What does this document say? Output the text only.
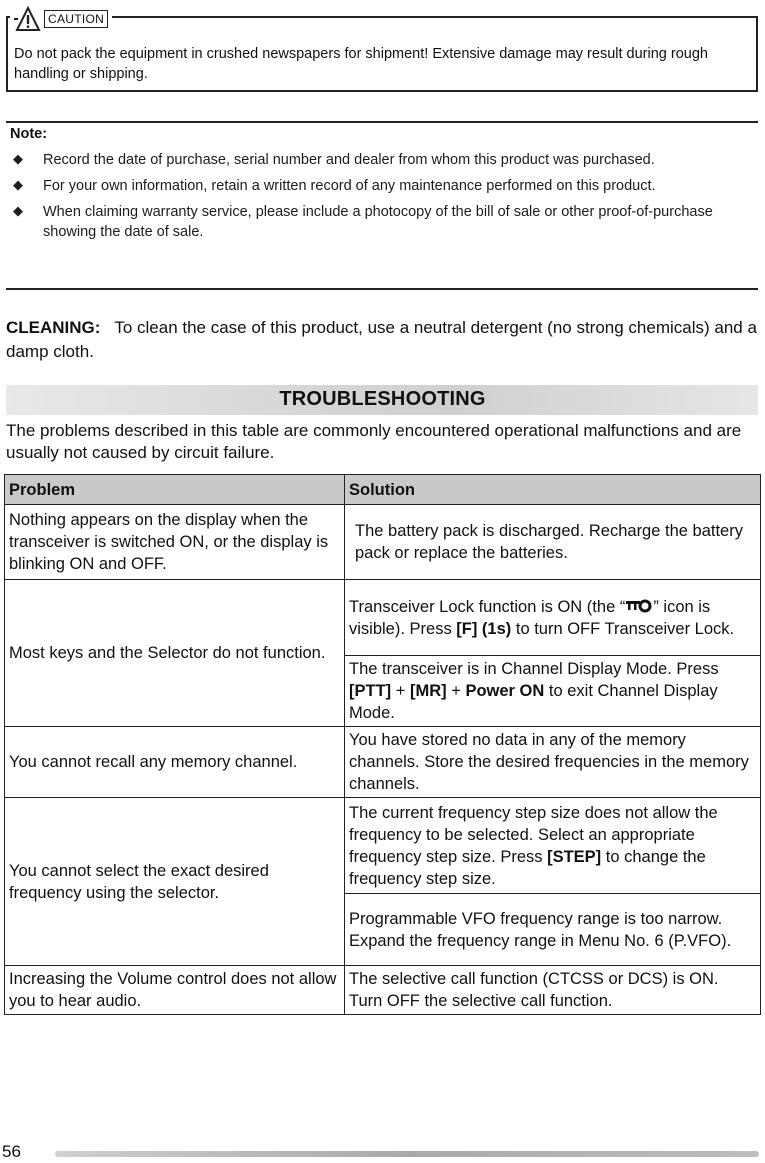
CAUTION
Do not pack the equipment in crushed newspapers for shipment! Extensive damage may result during rough handling or shipping.
Note:
◆ Record the date of purchase, serial number and dealer from whom this product was purchased.
◆ For your own information, retain a written record of any maintenance performed on this product.
◆ When claiming warranty service, please include a photocopy of the bill of sale or other proof-of-purchase showing the date of sale.
CLEANING: To clean the case of this product, use a neutral detergent (no strong chemicals) and a damp cloth.
TROUBLESHOOTING
The problems described in this table are commonly encountered operational malfunctions and are usually not caused by circuit failure.
Problem	Solution
Nothing appears on the display when the transceiver is switched ON, or the display is blinking ON and OFF.	The battery pack is discharged. Recharge the battery pack or replace the batteries.
Most keys and the Selector do not function.	Transceiver Lock function is ON (the “ ” icon is visible). Press [F] (1s) to turn OFF Transceiver Lock.
	The transceiver is in Channel Display Mode. Press [PTT] + [MR] + Power ON to exit Channel Display Mode.
You cannot recall any memory channel.	You have stored no data in any of the memory channels. Store the desired frequencies in the memory channels.
You cannot select the exact desired frequency using the selector.	The current frequency step size does not allow the frequency to be selected. Select an appropriate frequency step size. Press [STEP] to change the frequency step size.
	Programmable VFO frequency range is too narrow. Expand the frequency range in Menu No. 6 (P.VFO).
Increasing the Volume control does not allow you to hear audio.	The selective call function (CTCSS or DCS) is ON. Turn OFF the selective call function.
56
